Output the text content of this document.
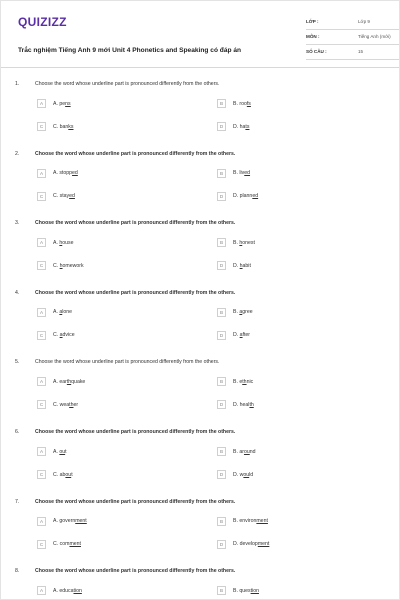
QUIZIZZ
Trắc nghiệm Tiếng Anh 9 mới Unit 4 Phonetics and Speaking có đáp án
LỚP :	Lớp 9
MÔN :	Tiếng Anh (mới)
SỐ CÂU :	15
1.	Choose the word whose underline part is pronounced differently from the others.
A	A. pens	B	B. roofs
C	C. banks	D	D. hats
2.	Choose the word whose underline part is pronounced differently from the others.
A	A. stopped	B	B. lived
C	C. stayed	D	D. planned
3.	Choose the word whose underline part is pronounced differently from the others.
A	A. house	B	B. honest
C	C. homework	D	D. habit
4.	Choose the word whose underline part is pronounced differently from the others.
A	A. alone	B	B. agree
C	C. advice	D	D. after
5.	Choose the word whose underline part is pronounced differently from the others.
A	A. earthquake	B	B. ethnic
C	C. weather	D	D. health
6.	Choose the word whose underline part is pronounced differently from the others.
A	A. out	B	B. around
C	C. about	D	D. would
7.	Choose the word whose underline part is pronounced differently from the others.
A	A. government	B	B. environment
C	C. comment	D	D. development
8.	Choose the word whose underline part is pronounced differently from the others.
A	A. education	B	B. question
